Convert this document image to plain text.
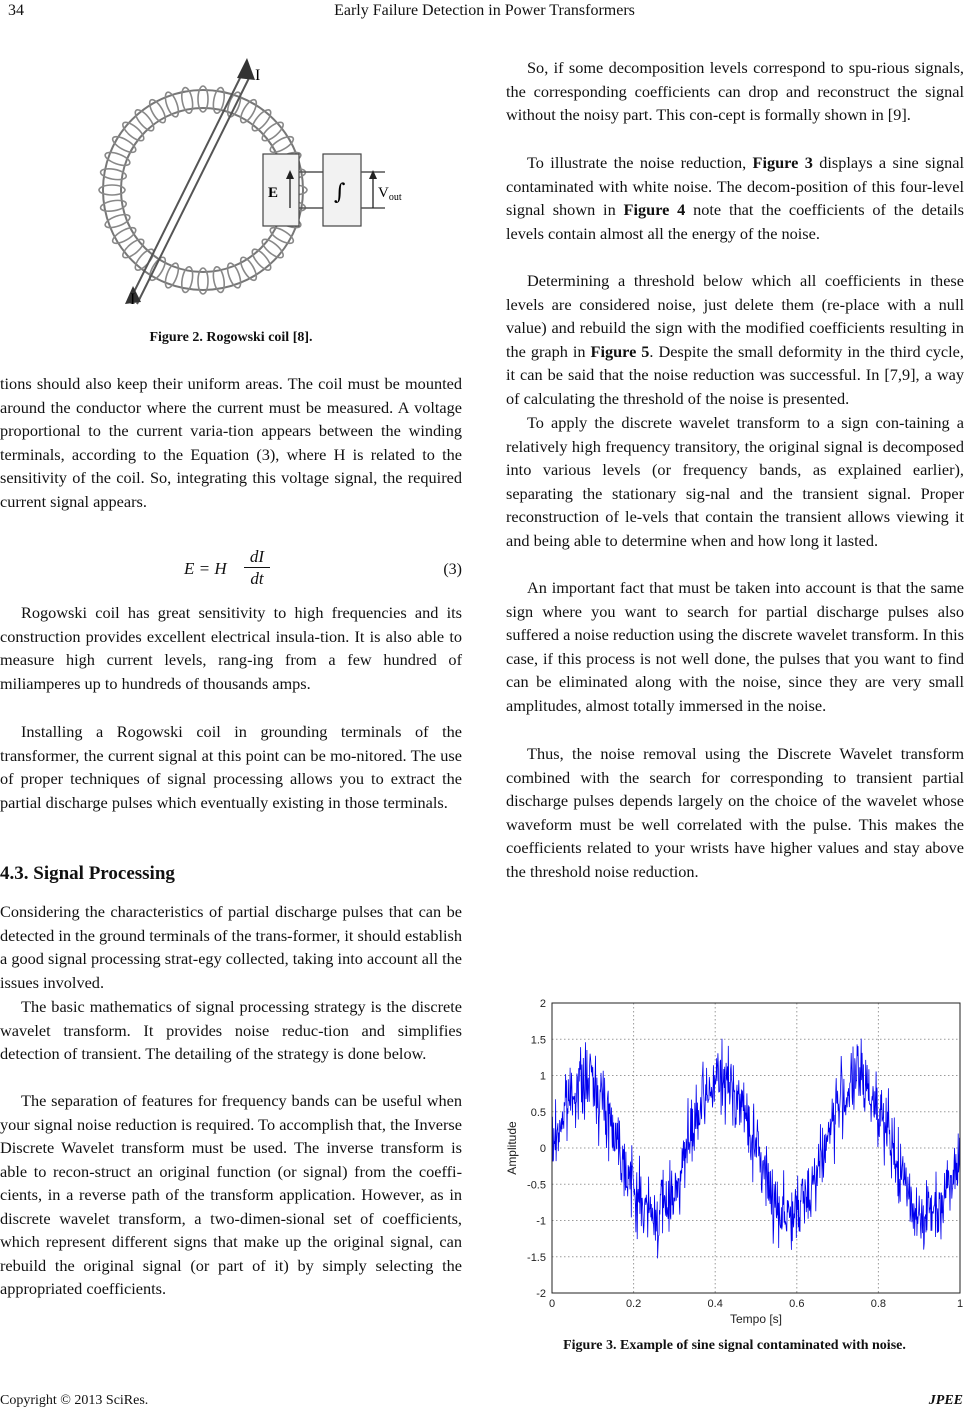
34	Early Failure Detection in Power Transformers
I
I
E	∫ $V_{out}$

Figure 2. Rogowski coil [8].

tions should also keep their uniform areas. The coil must be mounted around the conductor where the current must be measured. A voltage proportional to the current varia-tion appears between the winding terminals, according to the Equation (3), where H is related to the sensitivity of the coil. So, integrating this voltage signal, the required current signal appears.

E = H $\frac{dI}{dt}$	(3)

Rogowski coil has great sensitivity to high frequencies and its construction provides excellent electrical insula-tion. It is also able to measure high current levels, rang-ing from a few hundred of miliamperes up to hundreds of thousands amps.

Installing a Rogowski coil in grounding terminals of the transformer, the current signal at this point can be mo-nitored. The use of proper techniques of signal processing allows you to extract the partial discharge pulses which eventually existing in those terminals.

4.3. Signal Processing

Considering the characteristics of partial discharge pulses that can be detected in the ground terminals of the trans-former, it should establish a good signal processing strat-egy collected, taking into account all the issues involved.

The basic mathematics of signal processing strategy is the discrete wavelet transform. It provides noise reduc-tion and simplifies detection of transient. The detailing of the strategy is done below.

The separation of features for frequency bands can be useful when your signal noise reduction is required. To accomplish that, the Inverse Discrete Wavelet transform must be used. The inverse transform is able to recon-struct an original function (or signal) from the coeffi-cients, in a reverse path of the transform application. However, as in discrete wavelet transform, a two-dimen-sional set of coefficients, which represent different signs that make up the original signal, can rebuild the original signal (or part of it) by simply selecting the appropriated coefficients.

So, if some decomposition levels correspond to spu-rious signals, the corresponding coefficients can drop and reconstruct the signal without the noisy part. This con-cept is formally shown in [9].

To illustrate the noise reduction, Figure 3 displays a sine signal contaminated with white noise. The decom-position of this four-level signal shown in Figure 4 note that the coefficients of the details levels contain almost all the energy of the noise.

Determining a threshold below which all coefficients in these levels are considered noise, just delete them (re-place with a null value) and rebuild the sign with the modified coefficients resulting in the graph in Figure 5. Despite the small deformity in the third cycle, it can be said that the noise reduction was successful. In [7,9], a way of calculating the threshold of the noise is presented.

To apply the discrete wavelet transform to a sign con-taining a relatively high frequency transitory, the original signal is decomposed into various levels (or frequency bands, as explained earlier), separating the stationary sig-nal and the transient signal. Proper reconstruction of le-vels that contain the transient allows viewing it and being able to determine when and how long it lasted.

An important fact that must be taken into account is that the same sign where you want to search for partial discharge pulses also suffered a noise reduction using the discrete wavelet transform. In this case, if this process is not well done, the pulses that you want to find can be eliminated along with the noise, since they are very small amplitudes, almost totally immersed in the noise.

Thus, the noise removal using the Discrete Wavelet transform combined with the search for corresponding to transient partial discharge pulses depends largely on the choice of the wavelet whose waveform must be well correlated with the pulse. This makes the coefficients related to your wrists have higher values and stay above the threshold noise reduction.

0	0.2	0.4	0.6	0.8	1
2
1.5
1
0.5
0
-0.5
-1
-1.5
-2
Tempo [s]
Amplitude

Figure 3. Example of sine signal contaminated with noise.

Copyright © 2013 SciRes.	JPEE
